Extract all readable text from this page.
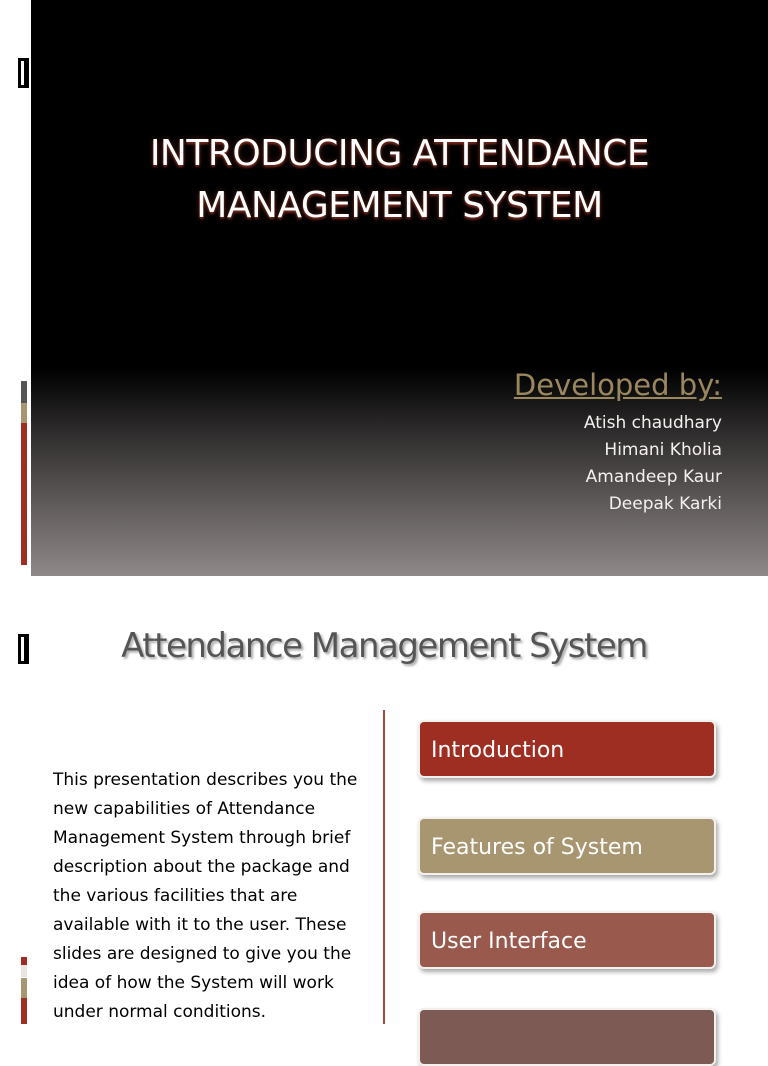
INTRODUCING ATTENDANCE
MANAGEMENT SYSTEM
Developed by:
Atish chaudhary
Himani Kholia
Amandeep Kaur
Deepak Karki
Attendance Management System
This presentation describes you the new capabilities of Attendance Management System through brief description about the package and the various facilities that are available with it to the user. These slides are designed to give you the idea of how the System will work under normal conditions.
Introduction
Features of System
User Interface
